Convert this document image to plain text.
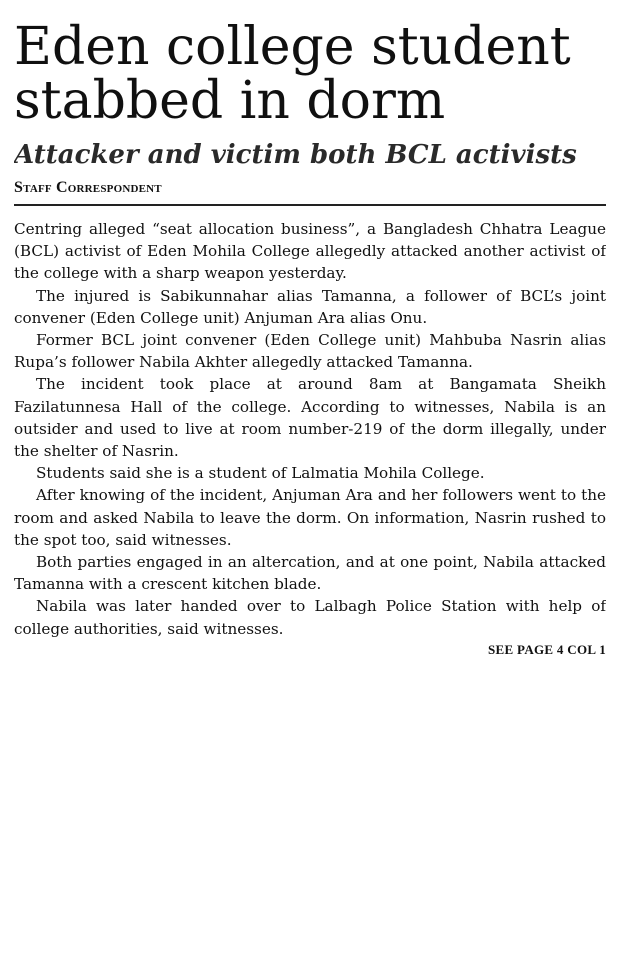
Eden college student stabbed in dorm
Attacker and victim both BCL activists
Staff Correspondent

Centring alleged “seat allocation business”, a Bangladesh Chhatra League (BCL) activist of Eden Mohila College allegedly attacked another activist of the college with a sharp weapon yesterday.

The injured is Sabikunnahar alias Tamanna, a follower of BCL’s joint convener (Eden College unit) Anjuman Ara alias Onu.

Former BCL joint convener (Eden College unit) Mahbuba Nasrin alias Rupa’s follower Nabila Akhter allegedly attacked Tamanna.

The incident took place at around 8am at Bangamata Sheikh Fazilatunnesa Hall of the college. According to witnesses, Nabila is an outsider and used to live at room number-219 of the dorm illegally, under the shelter of Nasrin.

Students said she is a student of Lalmatia Mohila College.

After knowing of the incident, Anjuman Ara and her followers went to the room and asked Nabila to leave the dorm. On information, Nasrin rushed to the spot too, said witnesses.

Both parties engaged in an altercation, and at one point, Nabila attacked Tamanna with a crescent kitchen blade.

Nabila was later handed over to Lalbagh Police Station with help of college authorities, said witnesses.

SEE PAGE 4 COL 1
